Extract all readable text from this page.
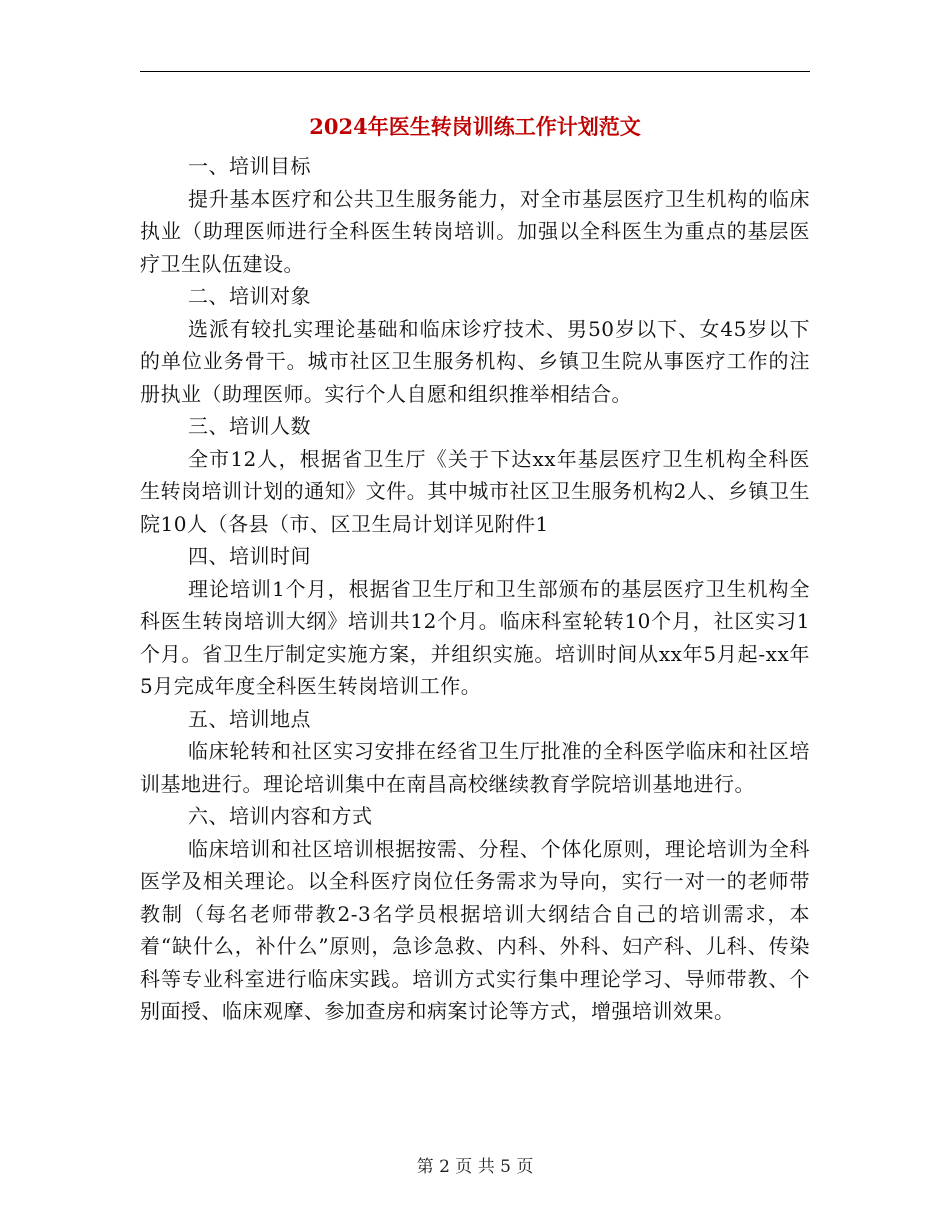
2024年医生转岗训练工作计划范文

一、培训目标

提升基本医疗和公共卫生服务能力，对全市基层医疗卫生机构的临床执业（助理医师进行全科医生转岗培训。加强以全科医生为重点的基层医疗卫生队伍建设。

二、培训对象

选派有较扎实理论基础和临床诊疗技术、男50岁以下、女45岁以下的单位业务骨干。城市社区卫生服务机构、乡镇卫生院从事医疗工作的注册执业（助理医师。实行个人自愿和组织推举相结合。

三、培训人数

全市12人，根据省卫生厅《关于下达xx年基层医疗卫生机构全科医生转岗培训计划的通知》文件。其中城市社区卫生服务机构2人、乡镇卫生院10人（各县（市、区卫生局计划详见附件1

四、培训时间

理论培训1个月，根据省卫生厅和卫生部颁布的基层医疗卫生机构全科医生转岗培训大纲》培训共12个月。临床科室轮转10个月，社区实习1个月。省卫生厅制定实施方案，并组织实施。培训时间从xx年5月起-xx年5月完成年度全科医生转岗培训工作。

五、培训地点

临床轮转和社区实习安排在经省卫生厅批准的全科医学临床和社区培训基地进行。理论培训集中在南昌高校继续教育学院培训基地进行。

六、培训内容和方式

临床培训和社区培训根据按需、分程、个体化原则，理论培训为全科医学及相关理论。以全科医疗岗位任务需求为导向，实行一对一的老师带教制（每名老师带教2-3名学员根据培训大纲结合自己的培训需求，本着“缺什么，补什么”原则，急诊急救、内科、外科、妇产科、儿科、传染科等专业科室进行临床实践。培训方式实行集中理论学习、导师带教、个别面授、临床观摩、参加查房和病案讨论等方式，增强培训效果。

第 2 页 共 5 页
